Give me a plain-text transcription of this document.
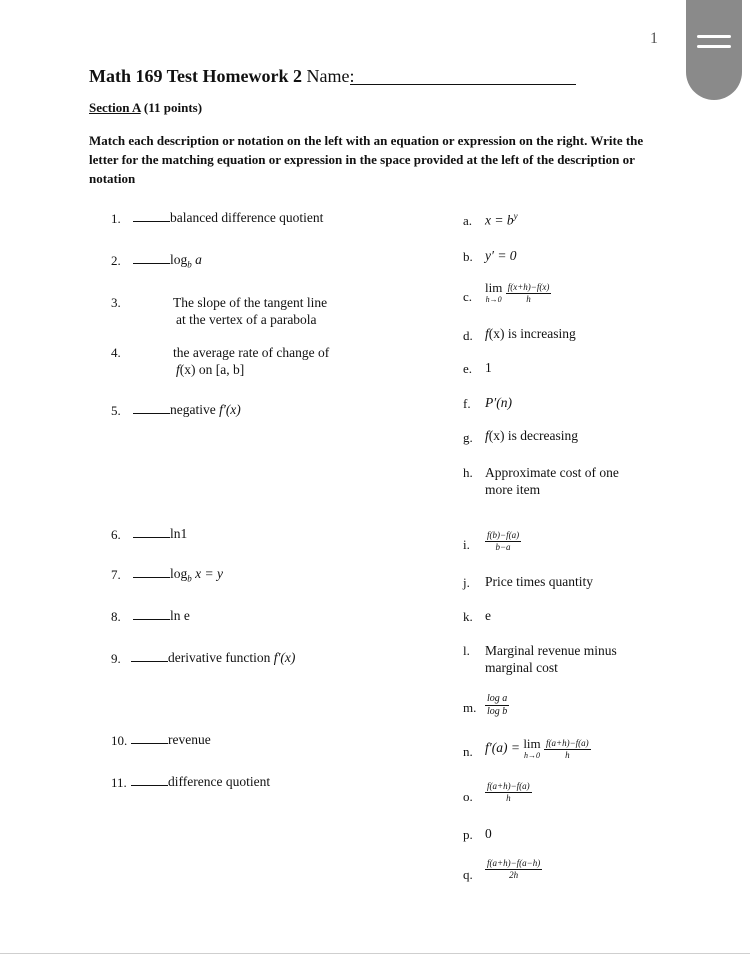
1
Math 169 Test Homework 2 Name:
Section A (11 points)
Match each description or notation on the left with an equation or expression on the right. Write the letter for the matching equation or expression in the space provided at the left of the description or notation
1.	balanced difference quotient
2.	$\log_b a$
3.	The slope of the tangent line
at the vertex of a parabola
4.	the average rate of change of
f(x) on [a, b]
5.	negative f′(x)
6.	ln1
7.	$\log_b x = y$
8.	ln e
9.	derivative function f′(x)
10.	revenue
11.	difference quotient
a. $x = b^y$
b. y′ = 0
c.
lim
h→0
$\frac{f(x+h)-f(x)}{h}$
d. f(x) is increasing
e. 1
f. P′(n)
g. f(x) is decreasing
h. Approximate cost of one
more item
i. $\frac{f(b)-f(a)}{b-a}$
j. Price times quantity
k. e
l. Marginal revenue minus
marginal cost
m. $\frac{\text{log a}}{\text{log b}}$
n. f′(a) = lim
h→0
$\frac{f(a+h)-f(a)}{h}$
o. $\frac{f(a+h)-f(a)}{h}$
p. 0
q. $\frac{f(a+h)-f(a-h)}{2h}$
